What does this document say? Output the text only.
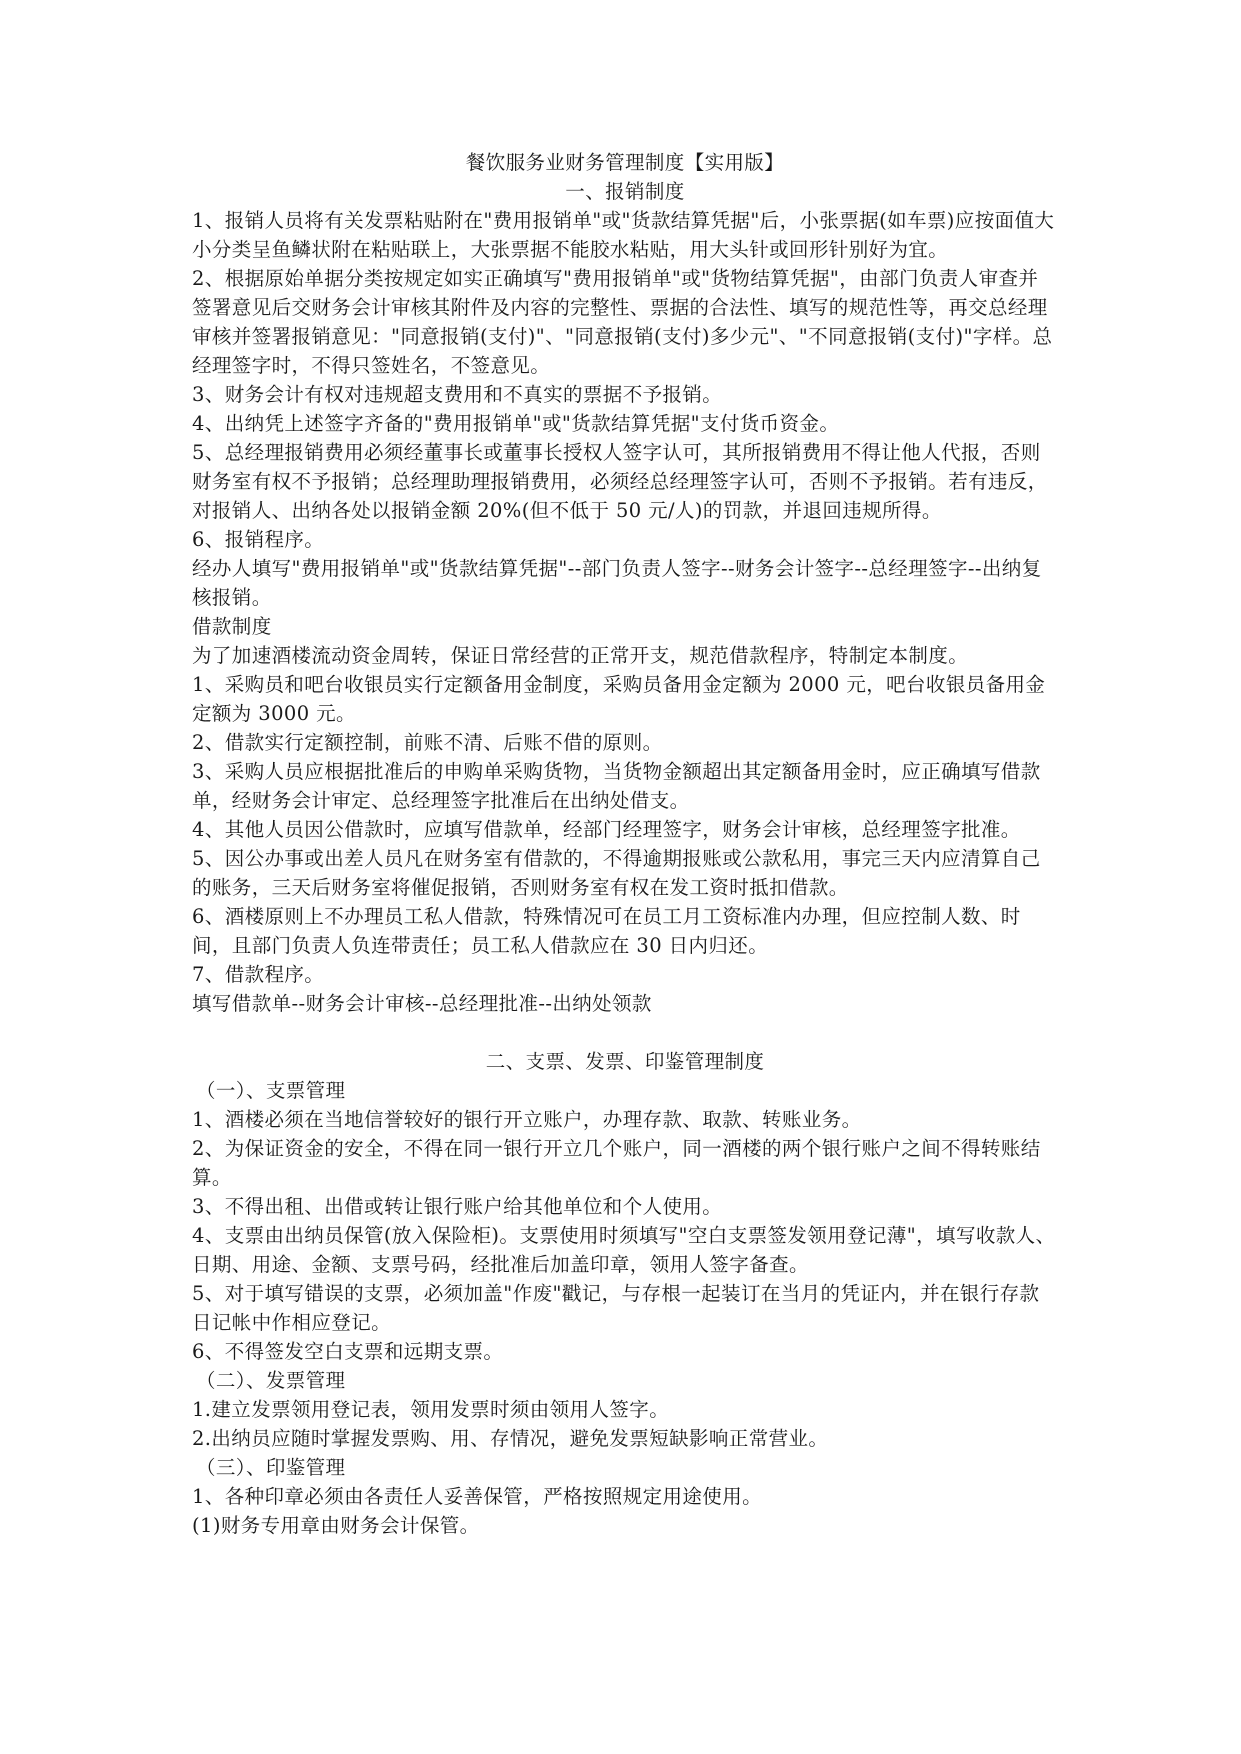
餐饮服务业财务管理制度【实用版】

一、报销制度

1、报销人员将有关发票粘贴附在"费用报销单"或"货款结算凭据"后，小张票据(如车票)应按面值大小分类呈鱼鳞状附在粘贴联上，大张票据不能胶水粘贴，用大头针或回形针别好为宜。

2、根据原始单据分类按规定如实正确填写"费用报销单"或"货物结算凭据"，由部门负责人审查并签署意见后交财务会计审核其附件及内容的完整性、票据的合法性、填写的规范性等，再交总经理审核并签署报销意见："同意报销(支付)"、"同意报销(支付)多少元"、"不同意报销(支付)"字样。总经理签字时，不得只签姓名，不签意见。

3、财务会计有权对违规超支费用和不真实的票据不予报销。

4、出纳凭上述签字齐备的"费用报销单"或"货款结算凭据"支付货币资金。

5、总经理报销费用必须经董事长或董事长授权人签字认可，其所报销费用不得让他人代报，否则财务室有权不予报销；总经理助理报销费用，必须经总经理签字认可，否则不予报销。若有违反，对报销人、出纳各处以报销金额 20%(但不低于 50 元/人)的罚款，并退回违规所得。

6、报销程序。

经办人填写"费用报销单"或"货款结算凭据"--部门负责人签字--财务会计签字--总经理签字--出纳复核报销。

借款制度

为了加速酒楼流动资金周转，保证日常经营的正常开支，规范借款程序，特制定本制度。

1、采购员和吧台收银员实行定额备用金制度，采购员备用金定额为 2000 元，吧台收银员备用金定额为 3000 元。

2、借款实行定额控制，前账不清、后账不借的原则。

3、采购人员应根据批准后的申购单采购货物，当货物金额超出其定额备用金时，应正确填写借款单，经财务会计审定、总经理签字批准后在出纳处借支。

4、其他人员因公借款时，应填写借款单，经部门经理签字，财务会计审核，总经理签字批准。

5、因公办事或出差人员凡在财务室有借款的，不得逾期报账或公款私用，事完三天内应清算自己的账务，三天后财务室将催促报销，否则财务室有权在发工资时抵扣借款。

6、酒楼原则上不办理员工私人借款，特殊情况可在员工月工资标准内办理，但应控制人数、时间，且部门负责人负连带责任；员工私人借款应在 30 日内归还。

7、借款程序。

填写借款单--财务会计审核--总经理批准--出纳处领款

二、支票、发票、印鉴管理制度

（一）、支票管理

1、酒楼必须在当地信誉较好的银行开立账户，办理存款、取款、转账业务。

2、为保证资金的安全，不得在同一银行开立几个账户，同一酒楼的两个银行账户之间不得转账结算。

3、不得出租、出借或转让银行账户给其他单位和个人使用。

4、支票由出纳员保管(放入保险柜)。支票使用时须填写"空白支票签发领用登记薄"，填写收款人、日期、用途、金额、支票号码，经批准后加盖印章，领用人签字备查。

5、对于填写错误的支票，必须加盖"作废"戳记，与存根一起装订在当月的凭证内，并在银行存款日记帐中作相应登记。

6、不得签发空白支票和远期支票。

（二）、发票管理

1.建立发票领用登记表，领用发票时须由领用人签字。

2.出纳员应随时掌握发票购、用、存情况，避免发票短缺影响正常营业。

（三）、印鉴管理

1、各种印章必须由各责任人妥善保管，严格按照规定用途使用。

(1)财务专用章由财务会计保管。
